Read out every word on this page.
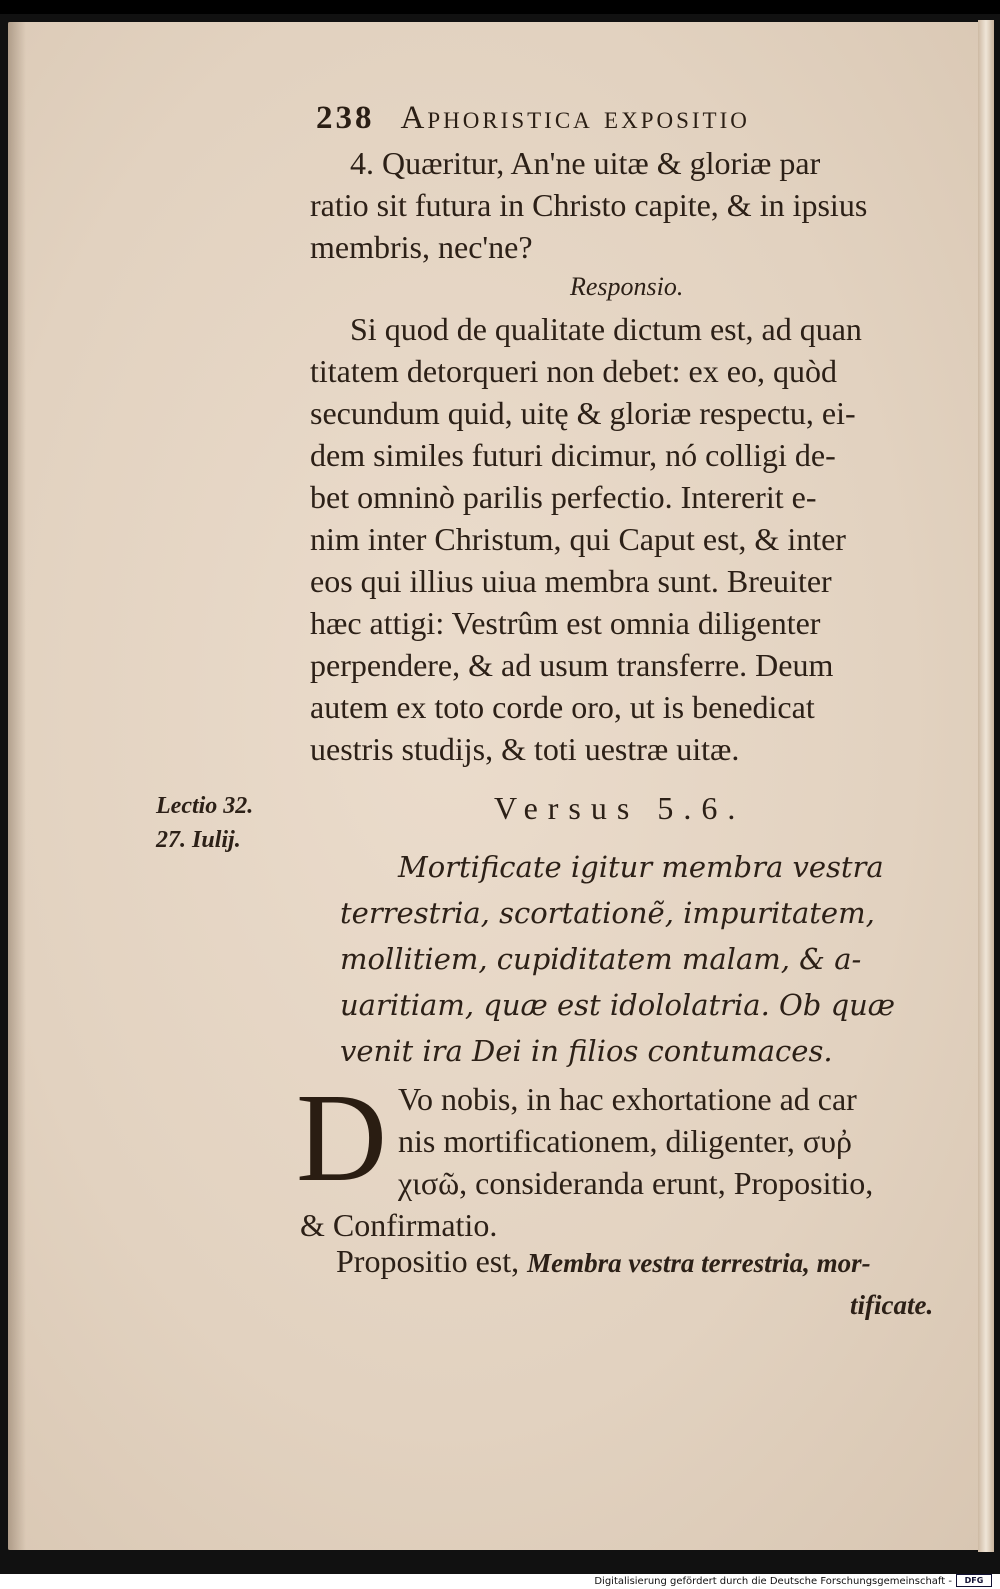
238 Aphoristica expositio

4. Quæritur, An'ne uitæ & gloriæ par

ratio sit futura in Christo capite, & in ipsius

membris, nec'ne?

Responsio.

Si quod de qualitate dictum est, ad quan

titatem detorqueri non debet: ex eo, quòd

secundum quid, uitę & gloriæ respectu, ei-

dem similes futuri dicimur, nó colligi de-

bet omninò parilis perfectio. Intererit e-

nim inter Christum, qui Caput est, & inter

eos qui illius uiua membra sunt. Breuiter

hæc attigi: Vestrûm est omnia diligenter

perpendere, & ad usum transferre. Deum

autem ex toto corde oro, ut is benedicat

uestris studijs, & toti uestræ uitæ.

Lectio 32.
27. Iulij.
Versus 5.6.
Mortificate igitur membra vestra
terrestria, scortationẽ, impuritatem,
mollitiem, cupiditatem malam, & a-
uaritiam, quæ est idololatria. Ob quæ
venit ira Dei in filios contumaces.
D Vo nobis, in hac exhortatione ad car
nis mortificationem, diligenter, συῤ
χισῶ, consideranda erunt, Propositio,
& Confirmatio.
Propositio est, Membra vestra terrestria, mor-
tificate.
Digitalisierung gefördert durch die Deutsche Forschungsgemeinschaft -	DFG
